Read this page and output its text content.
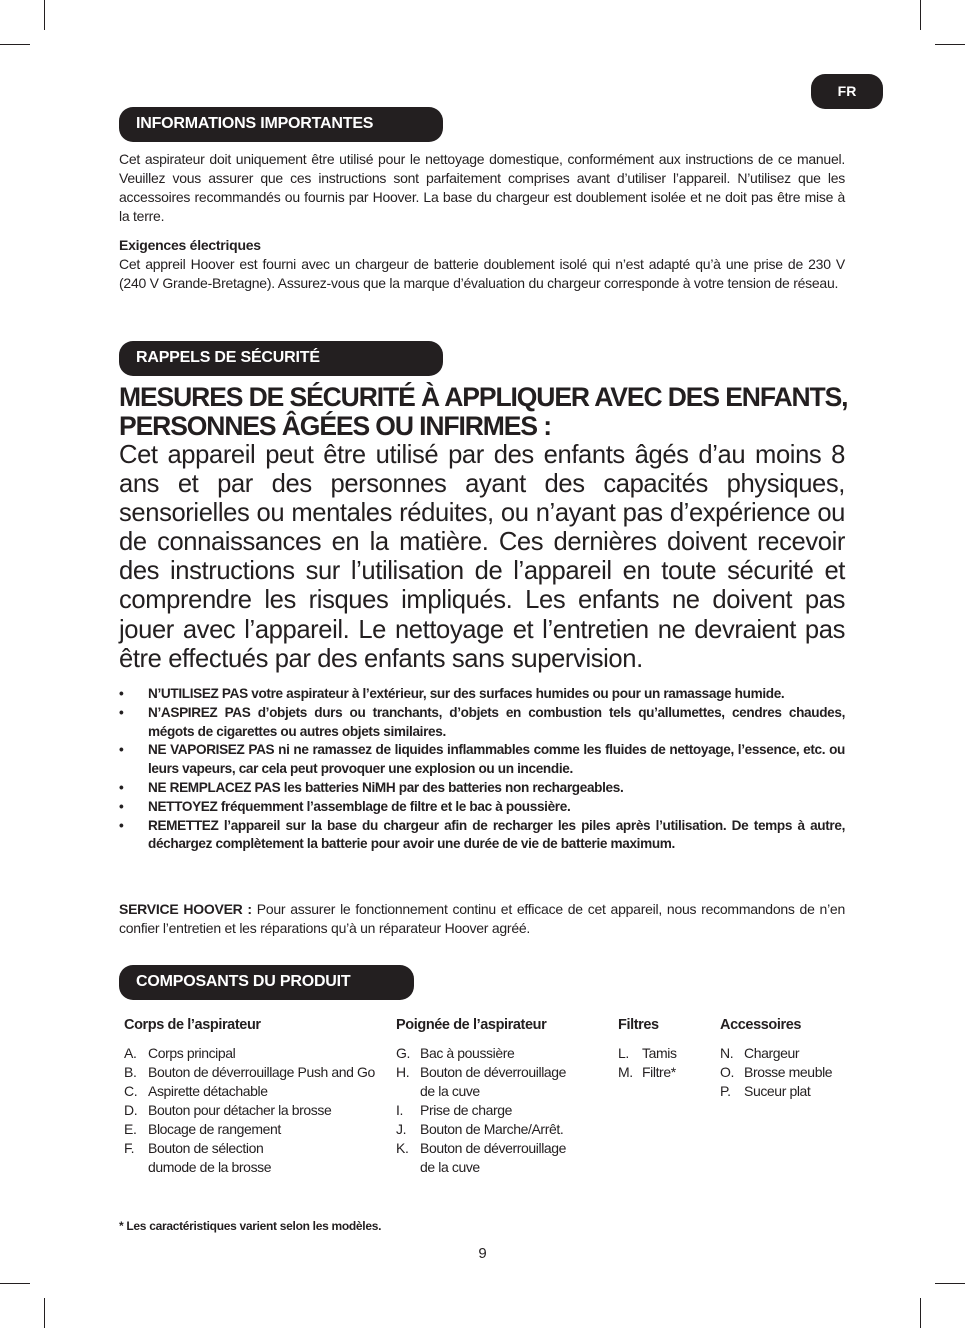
FR
INFORMATIONS IMPORTANTES

Cet aspirateur doit uniquement être utilisé pour le nettoyage domestique, conformément aux instructions de ce manuel. Veuillez vous assurer que ces instructions sont parfaitement comprises avant d’utiliser l’appareil. N’utilisez que les accessoires recommandés ou fournis par Hoover. La base du chargeur est doublement isolée et ne doit pas être mise à la terre.

Exigences électriques

Cet appreil Hoover est fourni avec un chargeur de batterie doublement isolé qui n’est adapté qu’à une prise de 230 V (240 V Grande-Bretagne). Assurez-vous que la marque d’évaluation du chargeur corresponde à votre tension de réseau.

RAPPELS DE SÉCURITÉ
MESURES DE SÉCURITÉ À APPLIQUER AVEC DES ENFANTS, PERSONNES ÂGÉES OU INFIRMES :
Cet appareil peut être utilisé par des enfants âgés d’au moins 8 ans et par des personnes ayant des capacités physiques, sensorielles ou mentales réduites, ou n’ayant pas d’expérience ou de connaissances en la matière. Ces dernières doivent recevoir des instructions sur l’utilisation de l’appareil en toute sécurité et comprendre les risques impliqués. Les enfants ne doivent pas jouer avec l’appareil. Le nettoyage et l’entretien ne devraient pas être effectués par des enfants sans supervision.
• N’UTILISEZ PAS votre aspirateur à l’extérieur, sur des surfaces humides ou pour un ramassage humide.
• N’ASPIREZ PAS d’objets durs ou tranchants, d’objets en combustion tels qu’allumettes, cendres chaudes, mégots de cigarettes ou autres objets similaires.
• NE VAPORISEZ PAS ni ne ramassez de liquides inflammables comme les fluides de nettoyage, l’essence, etc. ou leurs vapeurs, car cela peut provoquer une explosion ou un incendie.
• NE REMPLACEZ PAS les batteries NiMH par des batteries non rechargeables.
• NETTOYEZ fréquemment l’assemblage de filtre et le bac à poussière.
• REMETTEZ l’appareil sur la base du chargeur afin de recharger les piles après l’utilisation. De temps à autre, déchargez complètement la batterie pour avoir une durée de vie de batterie maximum.
SERVICE HOOVER : Pour assurer le fonctionnement continu et efficace de cet appareil, nous recommandons de n’en confier l’entretien et les réparations qu’à un réparateur Hoover agréé.
COMPOSANTS DU PRODUIT
Corps de l’aspirateur
A. Corps principal
B. Bouton de déverrouillage Push and Go
C. Aspirette détachable
D. Bouton pour détacher la brosse
E. Blocage de rangement
F. Bouton de sélection
dumode de la brosse
Poignée de l’aspirateur
G. Bac à poussière
H. Bouton de déverrouillage
de la cuve
I.	Prise de charge
J. Bouton de Marche/Arrêt.
K. Bouton de déverrouillage
de la cuve
Filtres
L. Tamis
M. Filtre*
Accessoires
N. Chargeur
O. Brosse meuble
P. Suceur plat
* Les caractéristiques varient selon les modèles.
9
